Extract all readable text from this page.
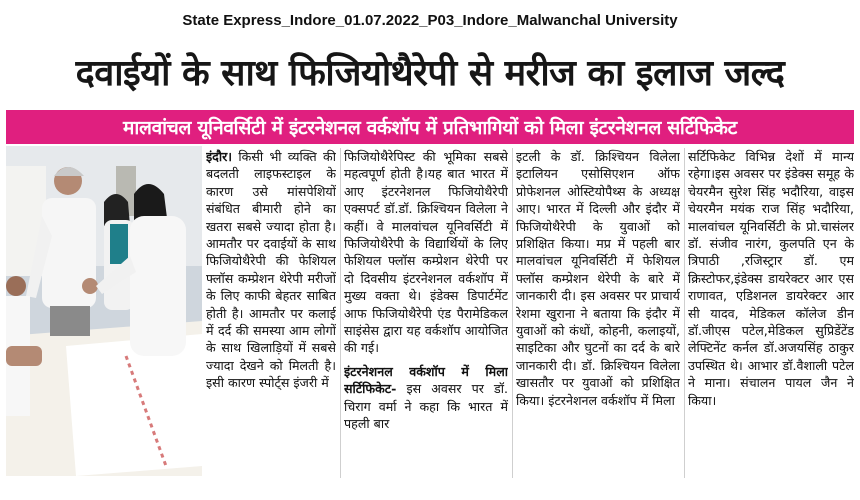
State Express_Indore_01.07.2022_P03_Indore_Malwanchal University
दवाईयों के साथ फिजियोथैरेपी से मरीज का इलाज जल्द
मालवांचल यूनिवर्सिटी में इंटरनेशनल वर्कशॉप में प्रतिभागियों को मिला इंटरनेशनल सर्टिफिकेट
इंदौर। किसी भी व्यक्ति की बदलती लाइफस्टाइल के कारण उसे मांसपेशियों संबंधित बीमारी होने का खतरा सबसे ज्यादा होता है।आमतौर पर दवाईयों के साथ फिजियोथैरेपी की फेशियल फ्लॉस कम्प्रेशन थेरेपी मरीजों के लिए काफी बेहतर साबित होती है। आमतौर पर कलाई में दर्द की समस्या आम लोगों के साथ खिलाड़ियों में सबसे ज्यादा देखने को मिलती है। इसी कारण स्पोर्ट्स इंजरी में
फिजियोथैरेपिस्ट की भूमिका सबसे महत्वपूर्ण होती है।यह बात भारत में आए इंटरनेशनल फिजियोथैरेपी एक्सपर्ट डॉ.डॉ. क्रिश्चियन विलेला ने कहीं। वे मालवांचल यूनिवर्सिटी में फिजियोथैरेपी के विद्यार्थियों के लिए फेशियल फ्लॉस कम्प्रेशन थेरेपी पर दो दिवसीय इंटरनेशनल वर्कशॉप में मुख्य वक्ता थे। इंडेक्स डिपार्टमेंट आफ फिजियोथैरेपी एंड पैरामेडिकल साइंसेस द्वारा यह वर्कशॉप आयोजित की गई।
इंटरनेशनल वर्कशॉप में मिला सर्टिफिकेट- इस अवसर पर डॉ. चिराग वर्मा ने कहा कि भारत में पहली बार
इटली के डॉ. क्रिश्चियन विलेला इटालियन एसोसिएशन ऑफ प्रोफेशनल ओस्टियोपैथ्स के अध्यक्ष आए। भारत में दिल्ली और इंदौर में फिजियोथैरेपी के युवाओं को प्रशिक्षित किया। मप्र में पहली बार मालवांचल यूनिवर्सिटी में फेशियल फ्लॉस कम्प्रेशन थेरेपी के बारे में जानकारी दी। इस अवसर पर प्राचार्य रेशमा खुराना ने बताया कि इंदौर में युवाओं को कंधों, कोहनी, कलाइयों, साइटिका और घुटनों का दर्द के बारे जानकारी दी। डॉ. क्रिश्चियन विलेला खासतौर पर युवाओं को प्रशिक्षित किया। इंटरनेशनल वर्कशॉप में मिला
सर्टिफिकेट विभिन्न देशों में मान्य रहेगा।इस अवसर पर इंडेक्स समूह के चेयरमैन सुरेश सिंह भदौरिया, वाइस चेयरमैन मयंक राज सिंह भदौरिया, मालवांचल यूनिवर्सिटी के प्रो.चासंलर डॉ. संजीव नारंग, कुलपति एन के त्रिपाठी ,रजिस्ट्रार डॉ. एम क्रिस्टोफर,इंडेक्स डायरेक्टर आर एस राणावत, एडिशनल डायरेक्टर आर सी यादव, मेडिकल कॉलेज डीन डॉ.जीएस पटेल,मेडिकल सुप्रिडेंटेंड लेफ्टिनेंट कर्नल डॉ.अजयसिंह ठाकुर उपस्थित थे। आभार डॉ.वैशाली पटेल ने माना। संचालन पायल जैन ने किया।
